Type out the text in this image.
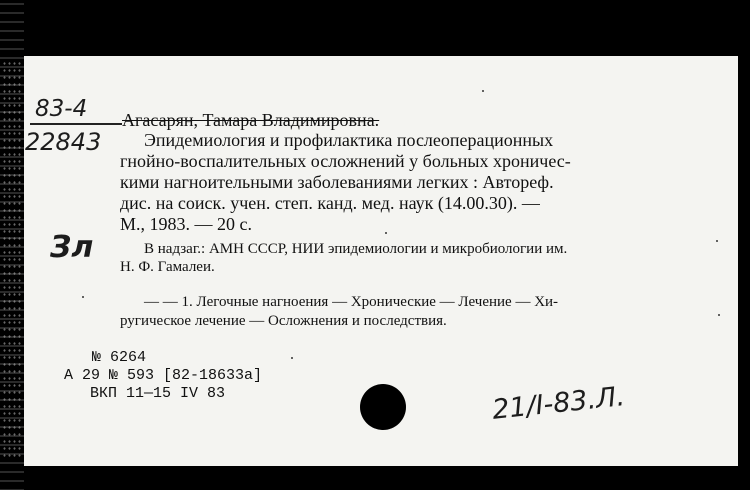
83-4
22843
Зл
Агасарян, Тамара Владимировна.
Эпидемиология и профилактика послеоперационных
гнойно-воспалительных осложнений у больных хроничес-
кими нагноительными заболеваниями легких : Автореф.
дис. на соиск. учен. степ. канд. мед. наук (14.00.30). —
М., 1983. — 20 с.
В надзаг.: АМН СССР, НИИ эпидемиологии и микробиологии им.
Н. Ф. Гамалеи.
— — 1. Легочные нагноения — Хронические — Лечение — Хи-
ругическое лечение — Осложнения и последствия.
№ 6264
А 29 № 593 [82-18633а]
ВКП 11—15 IV 83	21/I-83.Л.
